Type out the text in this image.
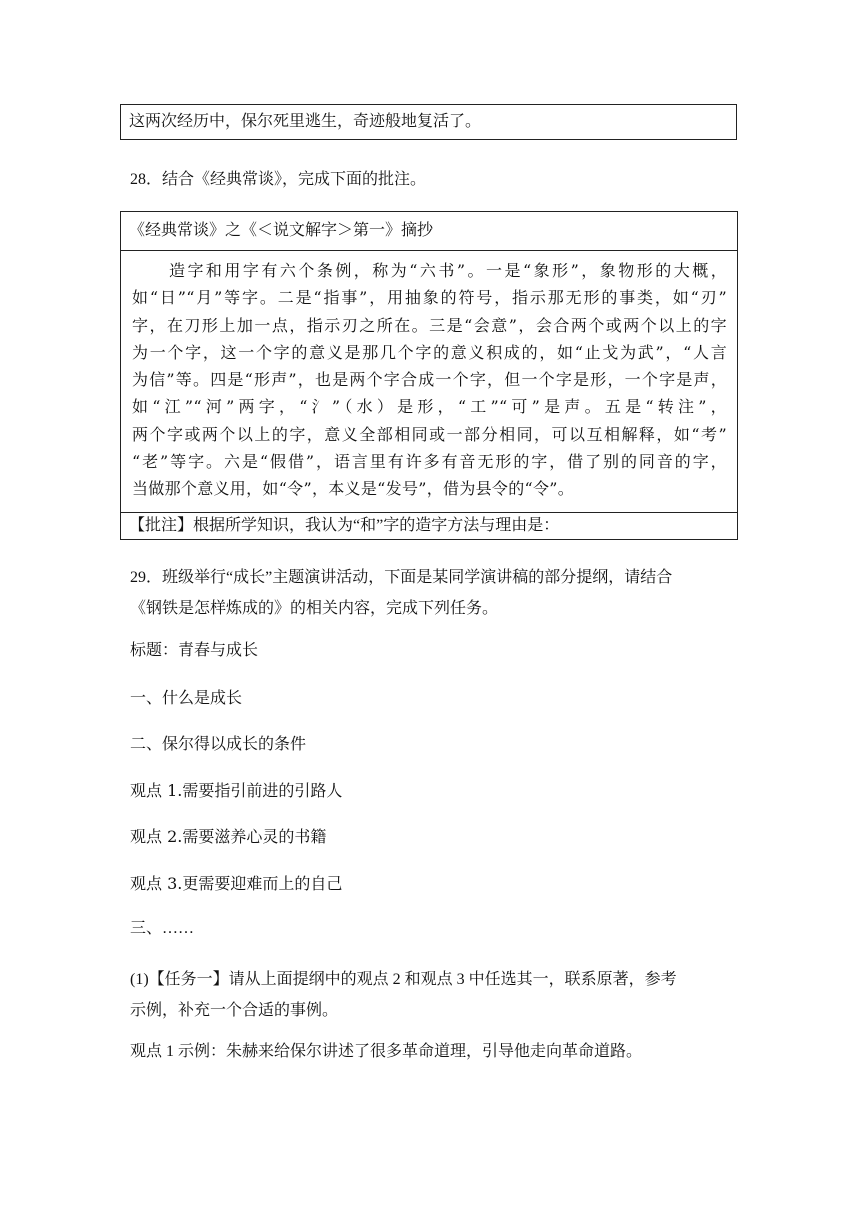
这两次经历中，保尔死里逃生，奇迹般地复活了。
28．结合《经典常谈》，完成下面的批注。
《经典常谈》之《＜说文解字＞第一》摘抄
　　造字和用字有六个条例，称为“六书”。一是“象形”，象物形的大概，
如“日”“月”等字。二是“指事”，用抽象的符号，指示那无形的事类，如“刃”
字，在刀形上加一点，指示刃之所在。三是“会意”，会合两个或两个以上的字
为一个字，这一个字的意义是那几个字的意义积成的，如“止戈为武”，“人言
为信”等。四是“形声”，也是两个字合成一个字，但一个字是形，一个字是声，
如“江”“河”两字，“氵”（水）是形，“工”“可”是声。五是“转注”，
两个字或两个以上的字，意义全部相同或一部分相同，可以互相解释，如“考”
“老”等字。六是“假借”，语言里有许多有音无形的字，借了别的同音的字，
当做那个意义用，如“令”，本义是“发号”，借为县令的“令”。
【批注】根据所学知识，我认为“和”字的造字方法与理由是：
29．班级举行“成长”主题演讲活动，下面是某同学演讲稿的部分提纲，请结合
《钢铁是怎样炼成的》的相关内容，完成下列任务。
标题：青春与成长
一、什么是成长
二、保尔得以成长的条件
观点 1.需要指引前进的引路人
观点 2.需要滋养心灵的书籍
观点 3.更需要迎难而上的自己
三、……
(1)【任务一】请从上面提纲中的观点 2 和观点 3 中任选其一，联系原著，参考
示例，补充一个合适的事例。
观点 1 示例：朱赫来给保尔讲述了很多革命道理，引导他走向革命道路。
